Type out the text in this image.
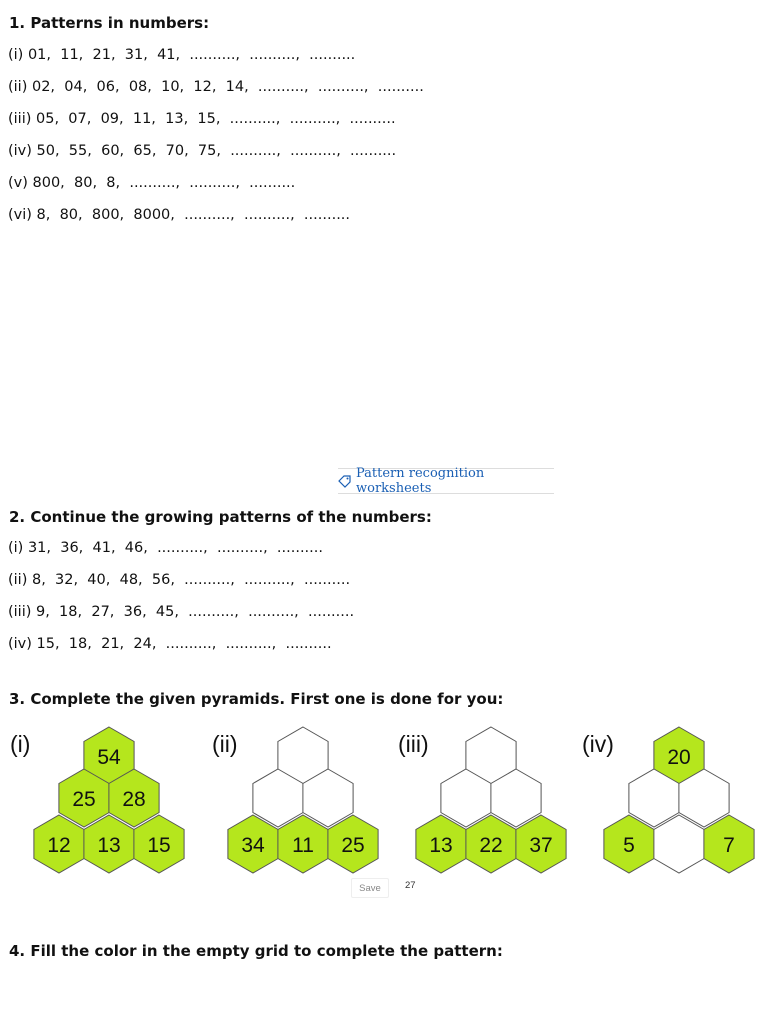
1. Patterns in numbers:
(i) 01,  11,  21,  31,  41,  ..........,  ..........,  ..........
(ii) 02,  04,  06,  08,  10,  12,  14,  ..........,  ..........,  ..........
(iii) 05,  07,  09,  11,  13,  15,  ..........,  ..........,  ..........
(iv) 50,  55,  60,  65,  70,  75,  ..........,  ..........,  ..........
(v) 800,  80,  8,  ..........,  ..........,  ..........
(vi) 8,  80,  800,  8000,  ..........,  ..........,  ..........
Pattern recognition worksheets
2. Continue the growing patterns of the numbers:
(i) 31,  36,  41,  46,  ..........,  ..........,  ..........
(ii) 8,  32,  40,  48,  56,  ..........,  ..........,  ..........
(iii) 9,  18,  27,  36,  45,  ..........,  ..........,  ..........
(iv) 15,  18,  21,  24,  ..........,  ..........,  ..........
3. Complete the given pyramids. First one is done for you:
(i)
54
25 28
12 13 15
(ii)
34 11 25
(iii)
13 22 37
(iv)
20
5	7
Save	27
4. Fill the color in the empty grid to complete the pattern:
